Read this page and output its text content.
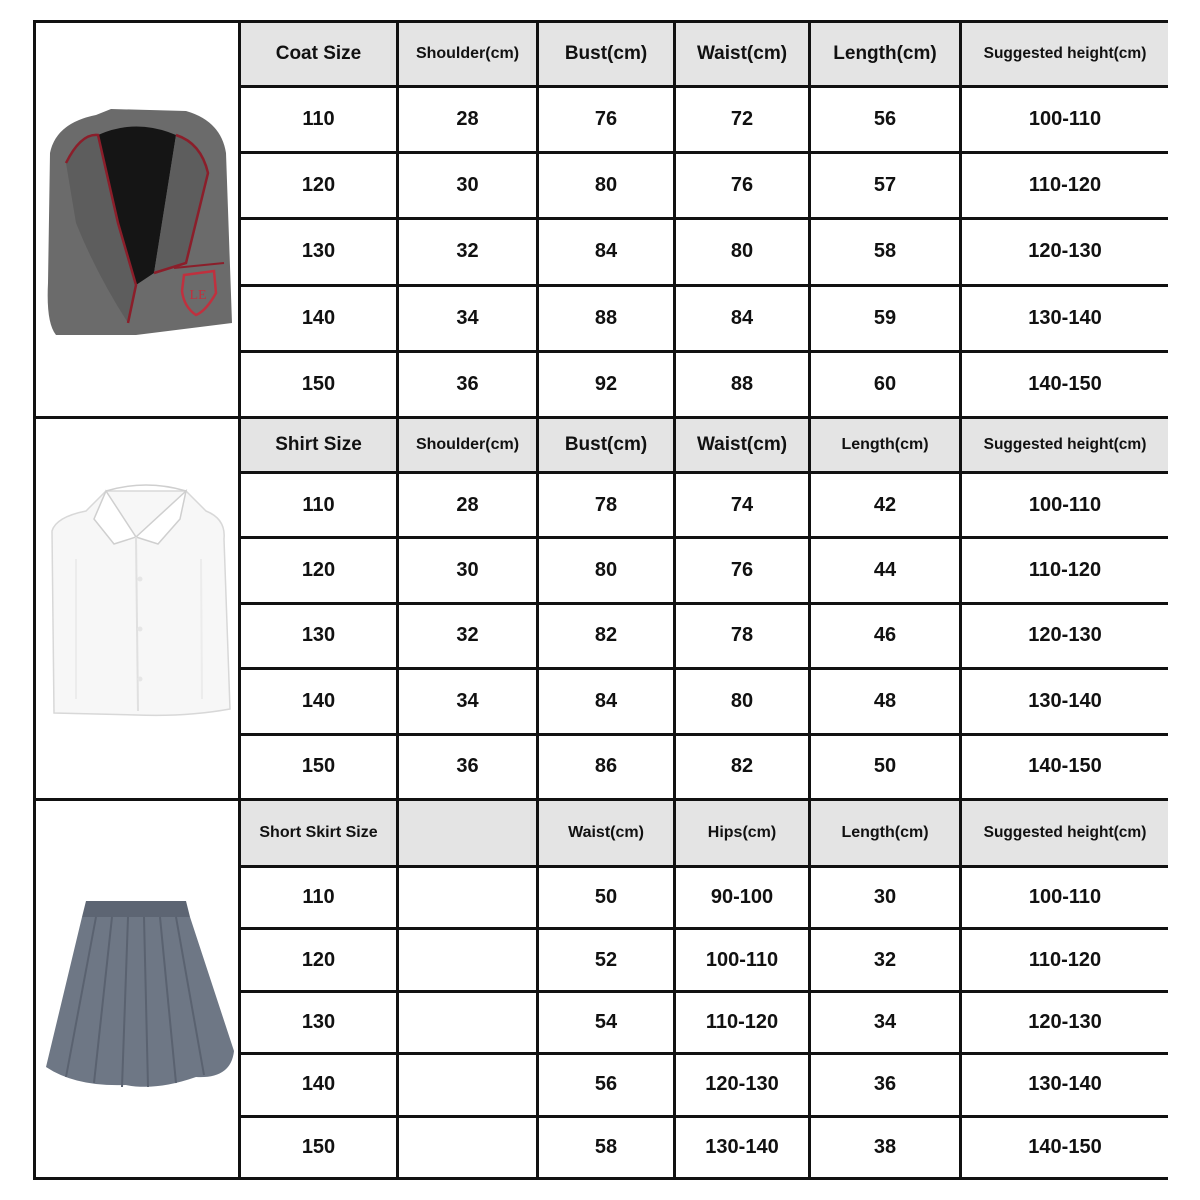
LE
Coat Size	Shoulder(cm)	Bust(cm)	Waist(cm)	Length(cm)	Suggested height(cm)
110	28	76	72	56	100-110
120	30	80	76	57	110-120
130	32	84	80	58	120-130
140	34	88	84	59	130-140
150	36	92	88	60	140-150
Shirt Size	Shoulder(cm)	Bust(cm)	Waist(cm)	Length(cm)	Suggested height(cm)
110	28	78	74	42	100-110
120	30	80	76	44	110-120
130	32	82	78	46	120-130
140	34	84	80	48	130-140
150	36	86	82	50	140-150
Short Skirt Size	Waist(cm)	Hips(cm)	Length(cm)	Suggested height(cm)
110	50	90-100	30	100-110
120	52	100-110	32	110-120
130	54	110-120	34	120-130
140	56	120-130	36	130-140
150	58	130-140	38	140-150
